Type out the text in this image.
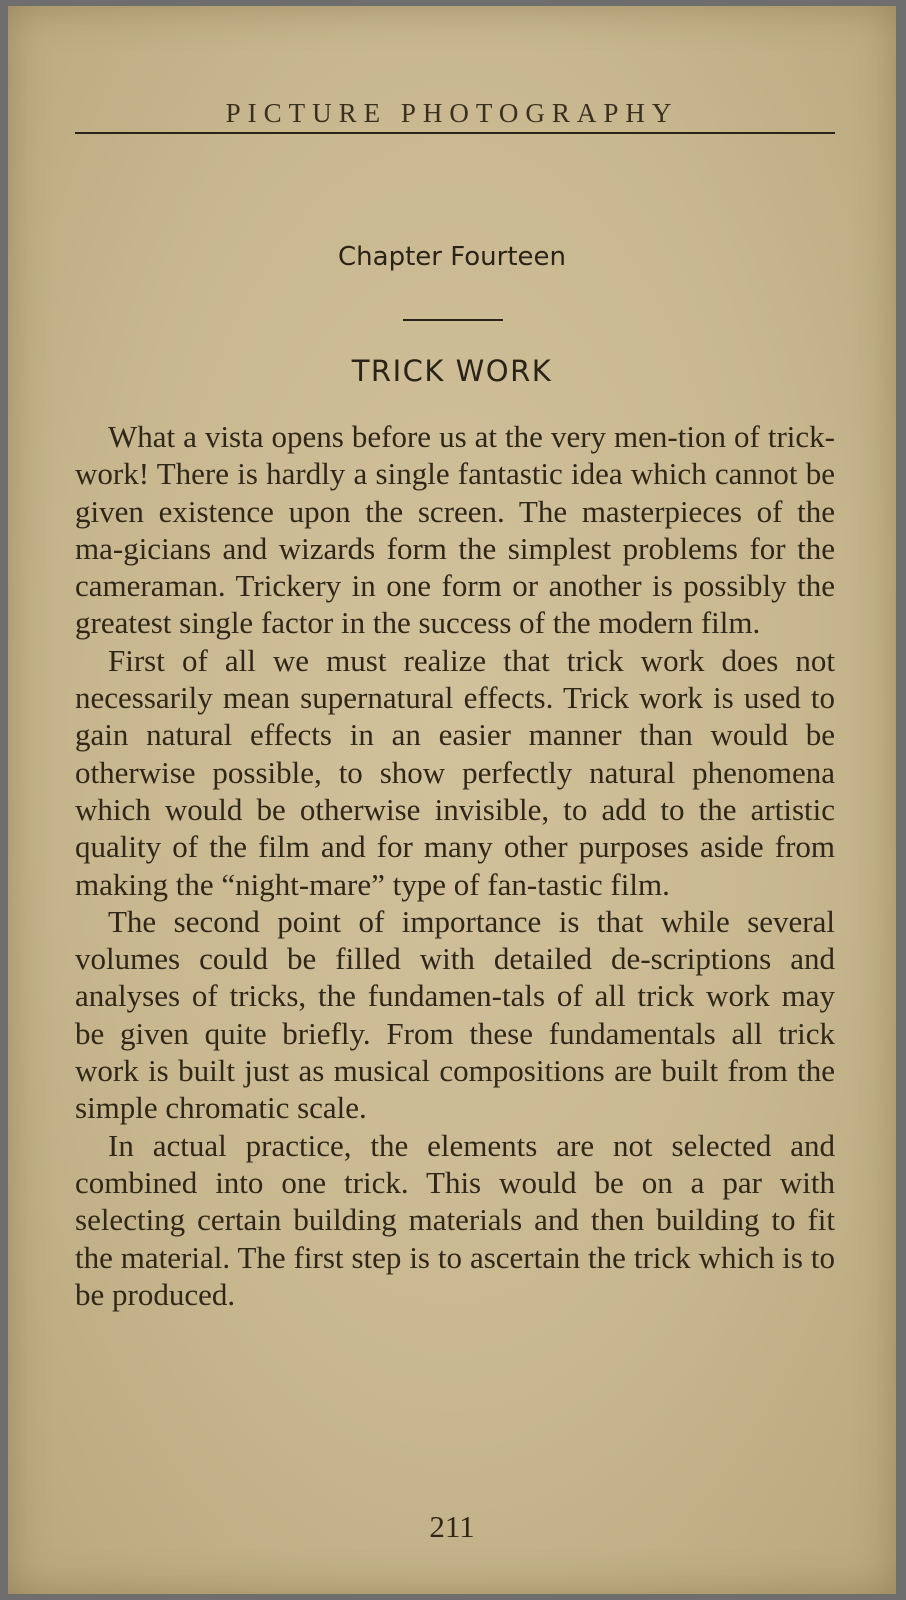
PICTURE PHOTOGRAPHY
Chapter Fourteen
TRICK WORK

What a vista opens before us at the very men-tion of trick-work! There is hardly a single fantastic idea which cannot be given existence upon the screen. The masterpieces of the ma-gicians and wizards form the simplest problems for the cameraman. Trickery in one form or another is possibly the greatest single factor in the success of the modern film.

First of all we must realize that trick work does not necessarily mean supernatural effects. Trick work is used to gain natural effects in an easier manner than would be otherwise possible, to show perfectly natural phenomena which would be otherwise invisible, to add to the artistic quality of the film and for many other purposes aside from making the “night-mare” type of fan-tastic film.

The second point of importance is that while several volumes could be filled with detailed de-scriptions and analyses of tricks, the fundamen-tals of all trick work may be given quite briefly. From these fundamentals all trick work is built just as musical compositions are built from the simple chromatic scale.

In actual practice, the elements are not selected and combined into one trick. This would be on a par with selecting certain building materials and then building to fit the material. The first step is to ascertain the trick which is to be produced.

211
